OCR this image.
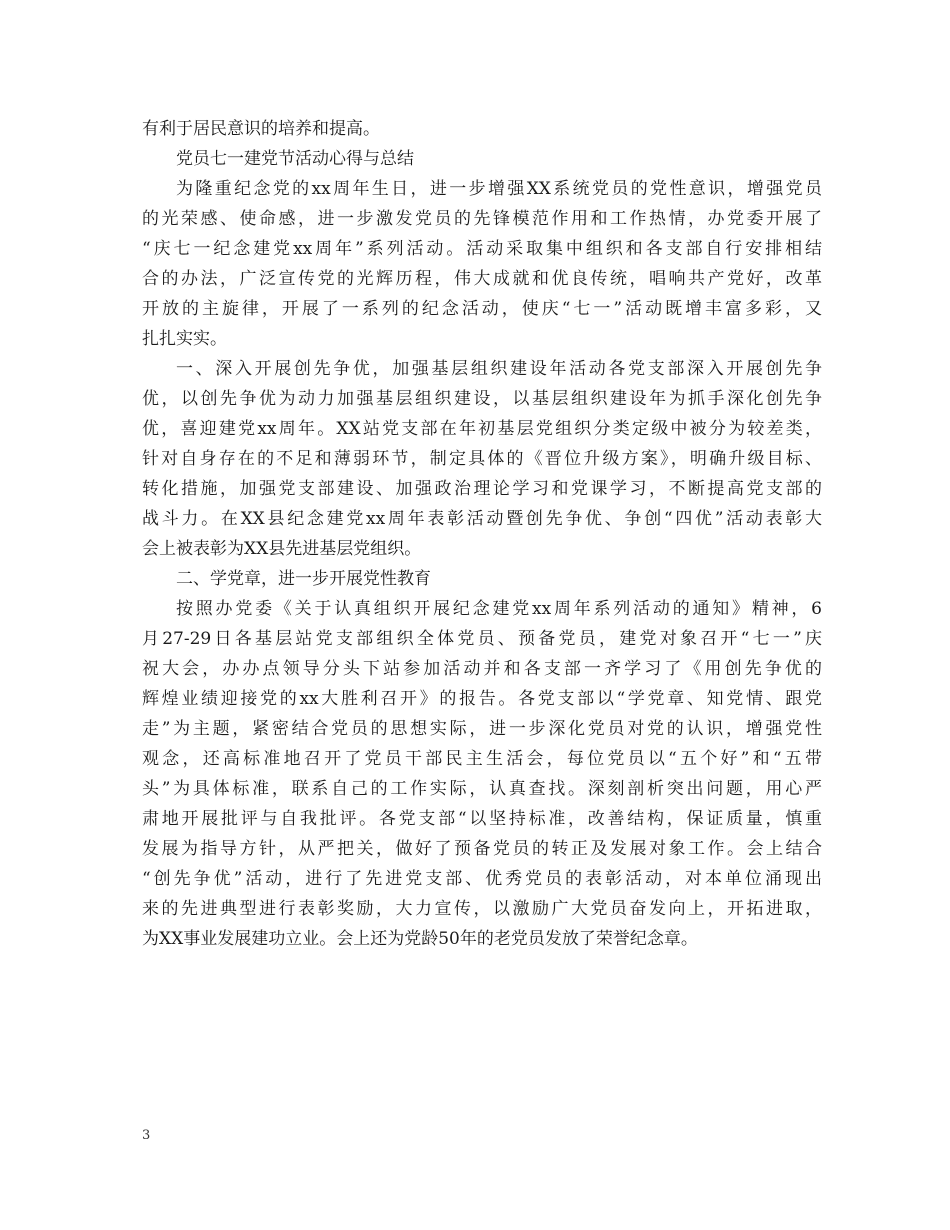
有利于居民意识的培养和提高。
党员七一建党节活动心得与总结
为隆重纪念党的xx周年生日，进一步增强XX系统党员的党性意识，增强党员
的光荣感、使命感，进一步激发党员的先锋模范作用和工作热情，办党委开展了
“庆七一纪念建党xx周年”系列活动。活动采取集中组织和各支部自行安排相结
合的办法，广泛宣传党的光辉历程，伟大成就和优良传统，唱响共产党好，改革
开放的主旋律，开展了一系列的纪念活动，使庆“七一”活动既增丰富多彩，又
扎扎实实。
一、深入开展创先争优，加强基层组织建设年活动各党支部深入开展创先争
优，以创先争优为动力加强基层组织建设，以基层组织建设年为抓手深化创先争
优，喜迎建党xx周年。XX站党支部在年初基层党组织分类定级中被分为较差类，
针对自身存在的不足和薄弱环节，制定具体的《晋位升级方案》，明确升级目标、
转化措施，加强党支部建设、加强政治理论学习和党课学习，不断提高党支部的
战斗力。在XX县纪念建党xx周年表彰活动暨创先争优、争创“四优”活动表彰大
会上被表彰为XX县先进基层党组织。
二、学党章，进一步开展党性教育
按照办党委《关于认真组织开展纪念建党xx周年系列活动的通知》精神，6
月27-29日各基层站党支部组织全体党员、预备党员，建党对象召开“七一”庆
祝大会，办办点领导分头下站参加活动并和各支部一齐学习了《用创先争优的
辉煌业绩迎接党的xx大胜利召开》的报告。各党支部以“学党章、知党情、跟党
走”为主题，紧密结合党员的思想实际，进一步深化党员对党的认识，增强党性
观念，还高标准地召开了党员干部民主生活会，每位党员以“五个好”和“五带
头”为具体标准，联系自己的工作实际，认真查找。深刻剖析突出问题，用心严
肃地开展批评与自我批评。各党支部“以坚持标准，改善结构，保证质量，慎重
发展为指导方针，从严把关，做好了预备党员的转正及发展对象工作。会上结合
“创先争优”活动，进行了先进党支部、优秀党员的表彰活动，对本单位涌现出
来的先进典型进行表彰奖励，大力宣传，以激励广大党员奋发向上，开拓进取，
为XX事业发展建功立业。会上还为党龄50年的老党员发放了荣誉纪念章。
3
